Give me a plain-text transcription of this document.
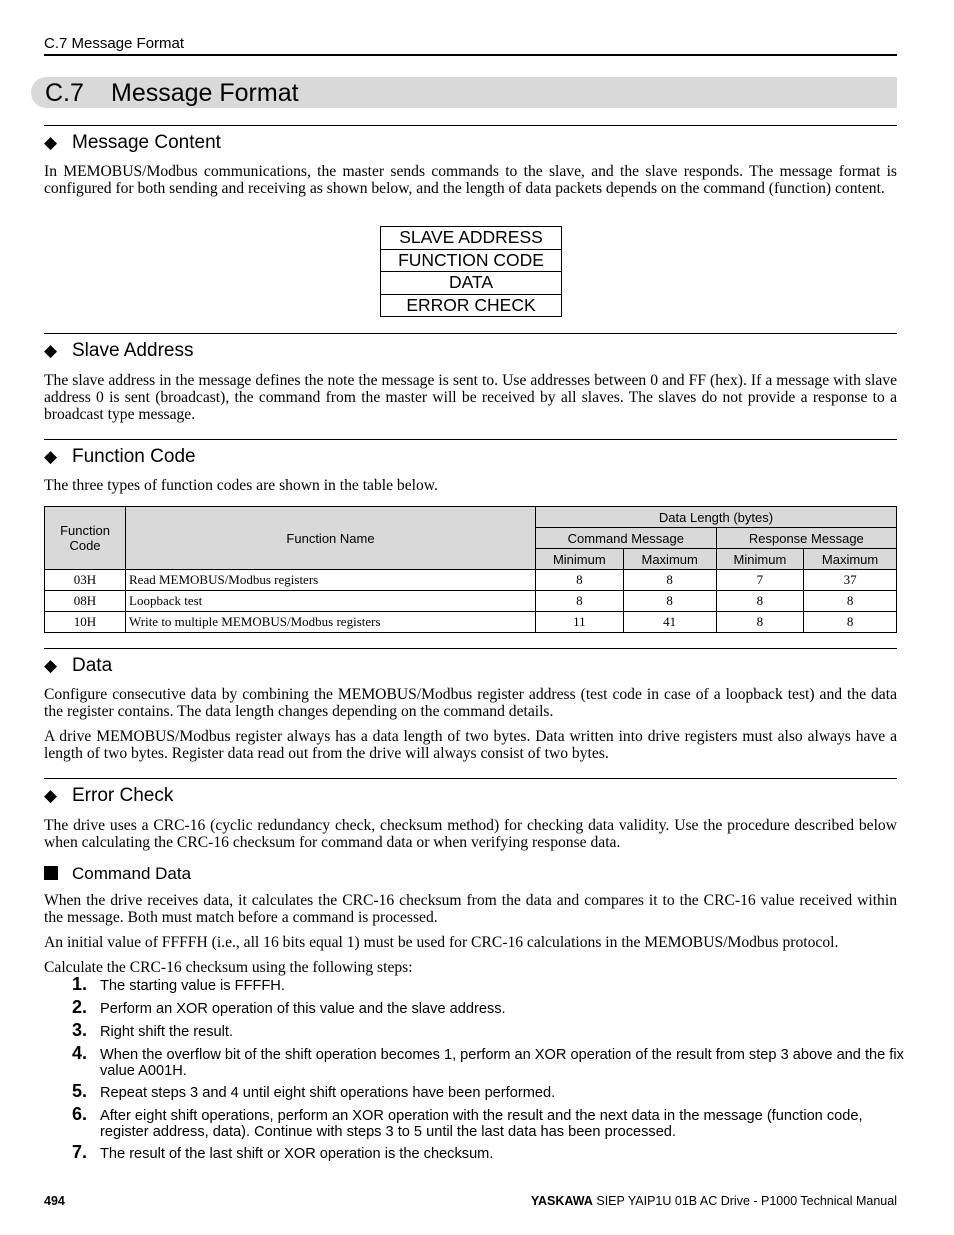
C.7 Message Format
C.7 Message Format
◆ Message Content
In MEMOBUS/Modbus communications, the master sends commands to the slave, and the slave responds. The message format is configured for both sending and receiving as shown below, and the length of data packets depends on the command (function) content.
SLAVE ADDRESS
FUNCTION CODE
DATA
ERROR CHECK
◆ Slave Address
The slave address in the message defines the note the message is sent to. Use addresses between 0 and FF (hex). If a message with slave address 0 is sent (broadcast), the command from the master will be received by all slaves. The slaves do not provide a response to a broadcast type message.
◆ Function Code
The three types of function codes are shown in the table below.
Function Code	Function Name	Data Length (bytes)			
		Command Message		Response Message	
		Minimum	Maximum	Minimum	Maximum
03H	Read MEMOBUS/Modbus registers	8	8	7	37
08H	Loopback test	8	8	8	8
10H	Write to multiple MEMOBUS/Modbus registers	11	41	8	8
◆ Data
Configure consecutive data by combining the MEMOBUS/Modbus register address (test code in case of a loopback test) and the data the register contains. The data length changes depending on the command details.
A drive MEMOBUS/Modbus register always has a data length of two bytes. Data written into drive registers must also always have a length of two bytes. Register data read out from the drive will always consist of two bytes.
◆ Error Check
The drive uses a CRC-16 (cyclic redundancy check, checksum method) for checking data validity. Use the procedure described below when calculating the CRC-16 checksum for command data or when verifying response data.
Command Data
When the drive receives data, it calculates the CRC-16 checksum from the data and compares it to the CRC-16 value received within the message. Both must match before a command is processed.
An initial value of FFFFH (i.e., all 16 bits equal 1) must be used for CRC-16 calculations in the MEMOBUS/Modbus protocol.
Calculate the CRC-16 checksum using the following steps:
1. The starting value is FFFFH.
2. Perform an XOR operation of this value and the slave address.
3. Right shift the result.
4. When the overflow bit of the shift operation becomes 1, perform an XOR operation of the result from step 3 above and the fix value A001H.
5. Repeat steps 3 and 4 until eight shift operations have been performed.
6. After eight shift operations, perform an XOR operation with the result and the next data in the message (function code, register address, data). Continue with steps 3 to 5 until the last data has been processed.
7. The result of the last shift or XOR operation is the checksum.
494	YASKAWA SIEP YAIP1U 01B AC Drive - P1000 Technical Manual
